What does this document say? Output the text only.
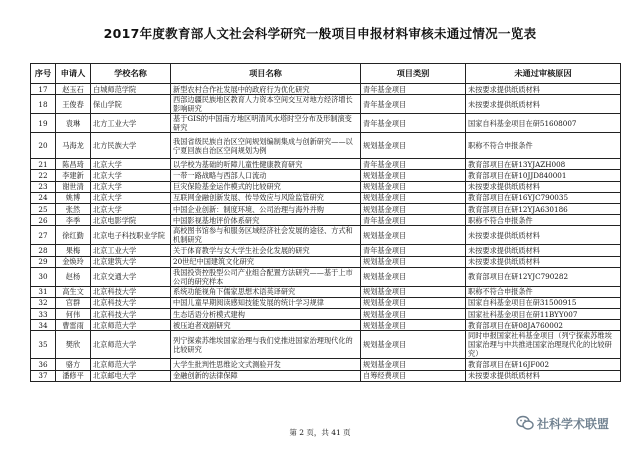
2017年度教育部人文社会科学研究一般项目申报材料审核未通过情况一览表
序号	申请人	学校名称	项目名称	项目类别	未通过审核原因
17	赵玉石	白城师范学院	新型农村合作社发展中的政府行为优化研究	青年基金项目	未按要求提供纸质材料
18	王俊春	保山学院	西部边疆民族地区教育人力资本空间交互对地方经济增长影响研究	青年基金项目	未按要求提供纸质材料
19	袁琳	北方工业大学	基于GIS的中国南方地区明清风水塔时空分布及形制演变研究	青年基金项目	国家自科基金项目在研51608007
20	马海龙	北方民族大学	我国省级民族自治区空间规划编制集成与创新研究——以宁夏回族自治区空间规划为例	规划基金项目	职称不符合申报条件
21	陈昌琦	北京大学	以学校为基础的听障儿童性健康教育研究	青年基金项目	教育部项目在研13YJAZH008
22	李建新	北京大学	一带一路战略与西部人口流动	规划基金项目	教育部项目在研10JJD840001
23	谢世清	北京大学	巨灾保险基金运作模式的比较研究	规划基金项目	未按要求提供纸质材料
24	姚博	北京大学	互联网金融创新发展、传导效应与风险监管研究	规划基金项目	教育部项目在研16YJC790035
25	张然	北京大学	中国企业创新：制度环境、公司治理与海外并购	规划基金项目	教育部项目在研12YJA630186
26	李季	北京电影学院	中国影视基地评价体系研究	青年基金项目	职称不符合申报条件
27	徐红勤	北京电子科技职业学院	高校图书馆参与和服务区域经济社会发展的途径、方式和机制研究	规划基金项目	未按要求提供纸质材料
28	果梅	北京工业大学	关于体育教学与女大学生社会化发展的研究	青年基金项目	未按要求提供纸质材料
29	金焕玲	北京建筑大学	20世纪中国建筑文化研究	规划基金项目	未按要求提供纸质材料
30	赵杨	北京交通大学	我国投资控股型公司产业组合配置方法研究——基于上市公司的研究样本	规划基金项目	教育部项目在研12YJC790282
31	高生文	北京科技大学	系统功能视角下儒家思想术语英译研究	规划基金项目	职称不符合申报条件
32	官群	北京科技大学	中国儿童早期阅读感知技能发展的统计学习规律	规划基金项目	国家自科基金项目在研31500915
33	何伟	北京科技大学	生态话语分析模式建构	规划基金项目	国家社科基金项目在研11BYY007
34	曹雷雨	北京师范大学	被压迫者戏剧研究	规划基金项目	教育部项目在研08JA760002
35	樊欣	北京师范大学	列宁探索苏维埃国家治理与我们党推进国家治理现代化的比较研究	规划基金项目	同时申报国家社科基金项目（列宁探索苏维埃国家治理与中共推进国家治理现代化的比较研究）
36	骆方	北京师范大学	大学生批判性思维论文式测验开发	规划基金项目	教育部项目在研16JF002
37	潘修平	北京邮电大学	金融创新的法律保障	自筹经费项目	未按要求提供纸质材料
第 2 页，共 41 页
社科学术联盟
